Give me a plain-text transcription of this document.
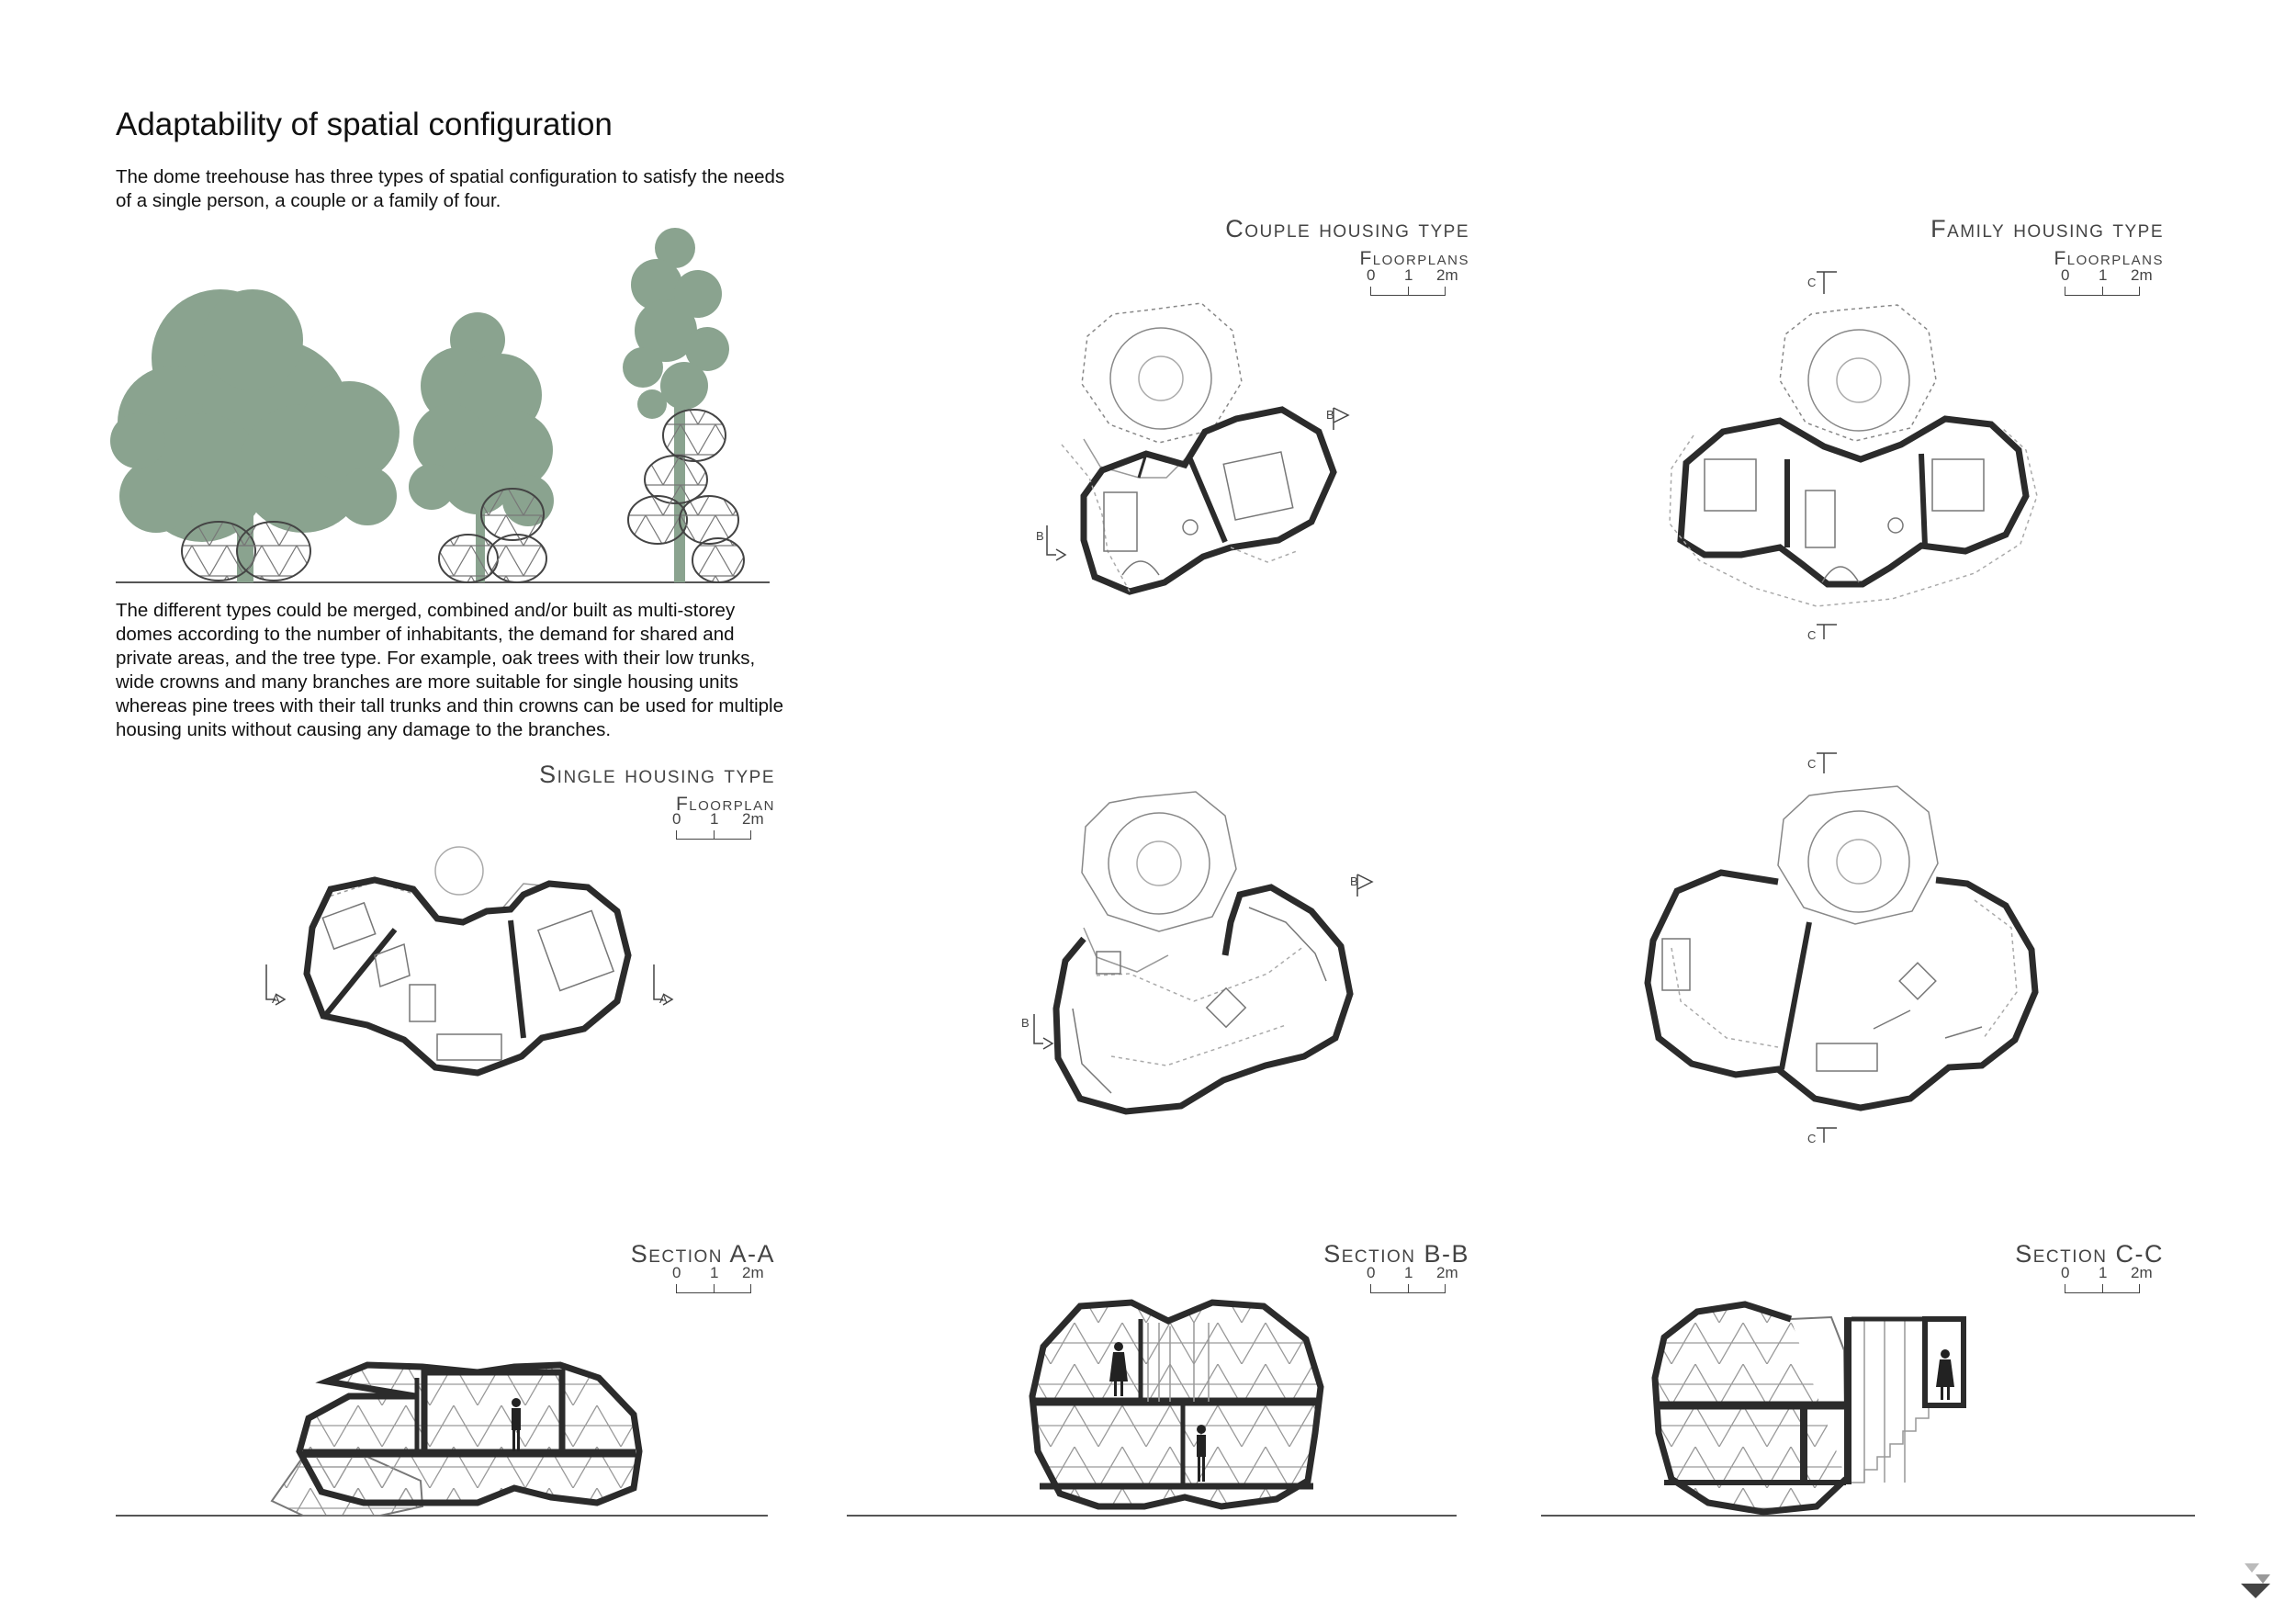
Adaptability of spatial configuration

The dome treehouse has three types of spatial configuration to satisfy the needs of a single person, a couple or a family of four.

The different types could be merged, combined and/or built as multi-storey domes according to the number of inhabitants, the demand for shared and private areas, and the tree type. For example, oak trees with their low trunks, wide crowns and many branches are more suitable for single housing units whereas pine trees with their tall trunks and thin crowns can be used for multiple housing units without causing any damage to the branches.

Single housing type
Floorplan
Couple housing type
Floorplans
Family housing type
Floorplans
Section A-A	Section B-B	Section C-C
0 1 2m
0 1 2m	0 1 2m
0 1 2m	0 1 2m	0 1 2m
A	A
B
B
B
B
C
C
C
C
